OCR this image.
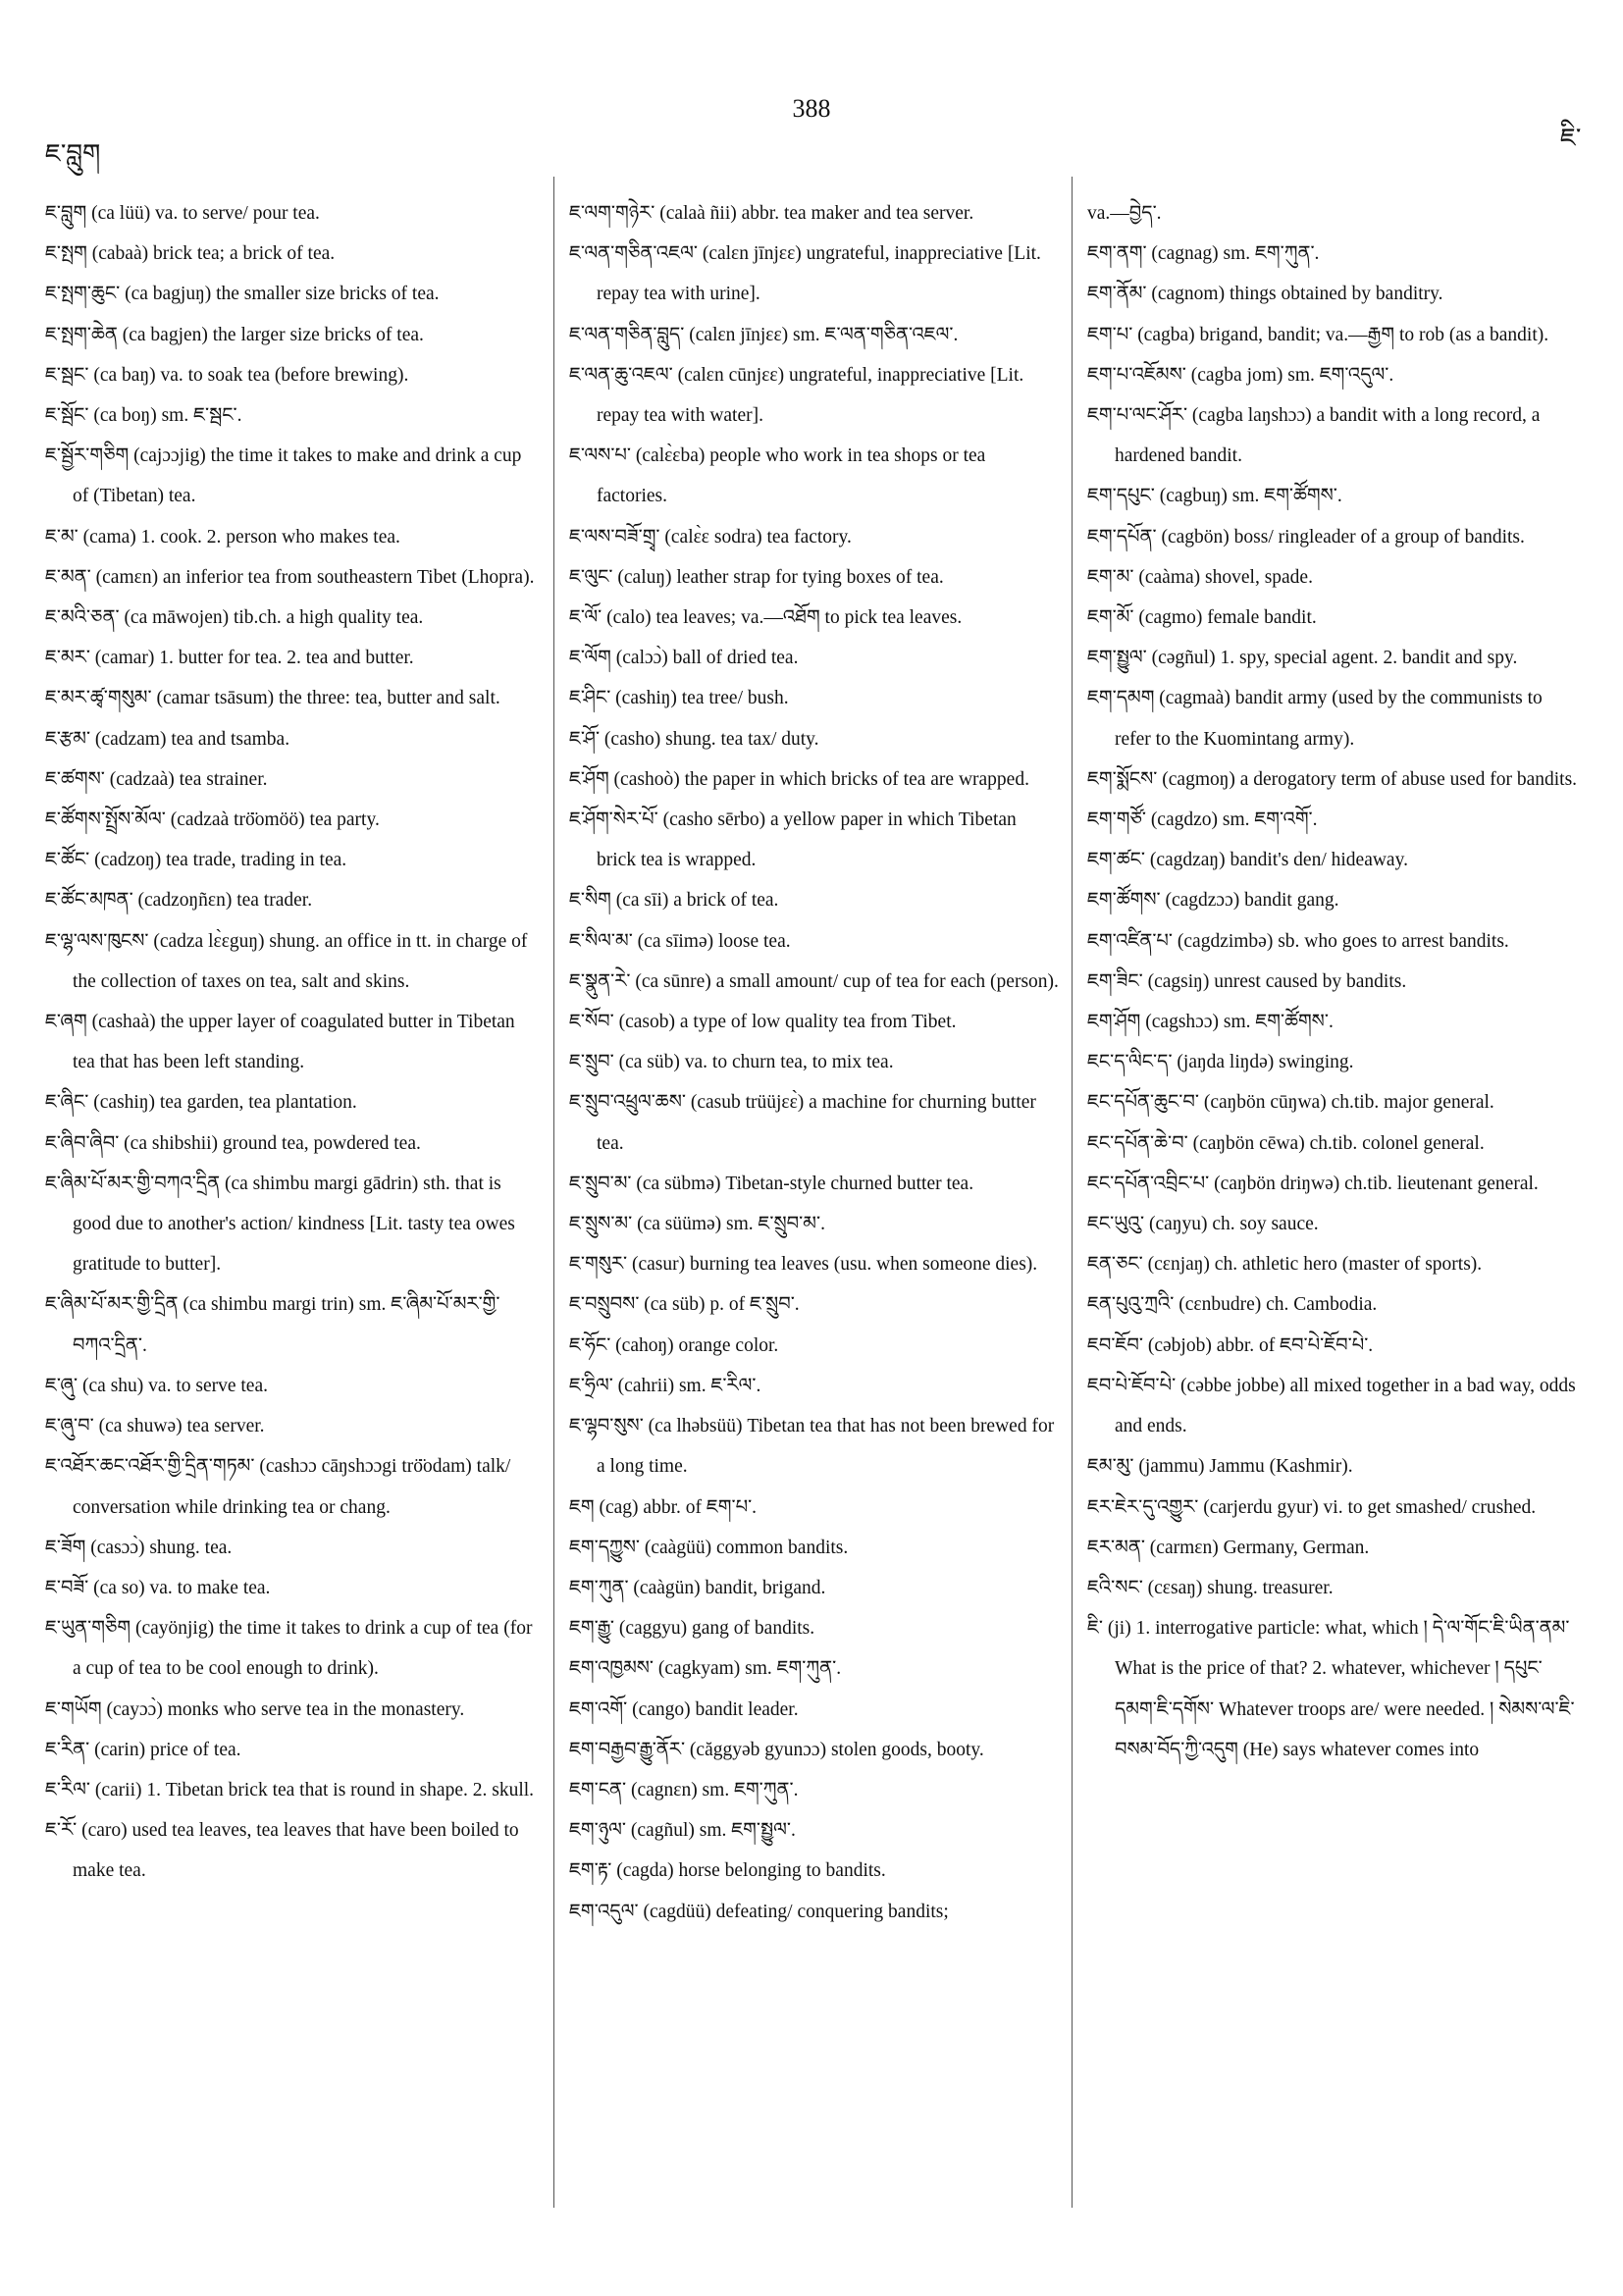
ཇ་བླུག
388
ཇི་

ཇ་བླུག (ca lüü) va. to serve/ pour tea.

ཇ་སྤག (cabaà) brick tea; a brick of tea.

ཇ་སྤག་ཆུང་ (ca bagjuŋ) the smaller size bricks of tea.

ཇ་སྤག་ཆེན (ca bagjen) the larger size bricks of tea.

ཇ་སྦང་ (ca baŋ) va. to soak tea (before brewing).

ཇ་སྦོང་ (ca boŋ) sm. ཇ་སྦང་.

ཇ་སྦྱོར་གཅིག (cajɔɔjig) the time it takes to make and drink a cup of (Tibetan) tea.

ཇ་མ་ (cama) 1. cook. 2. person who makes tea.

ཇ་མན་ (camɛn) an inferior tea from southeastern Tibet (Lhopra).

ཇ་མའི་ཅན་ (ca māwojen) tib.ch. a high quality tea.

ཇ་མར་ (camar) 1. butter for tea. 2. tea and butter.

ཇ་མར་ཚྭ་གསུམ་ (camar tsāsum) the three: tea, butter and salt.

ཇ་རྩམ་ (cadzam) tea and tsamba.

ཇ་ཚགས་ (cadzaà) tea strainer.

ཇ་ཚོགས་སྤྲོས་མོལ་ (cadzaà trö̈omöö) tea party.

ཇ་ཚོང་ (cadzoŋ) tea trade, trading in tea.

ཇ་ཚོང་མཁན་ (cadzoŋñɛn) tea trader.

ཇ་ལྷ་ལས་ཁུངས་ (cadza lɛ̀ɛguŋ) shung. an office in tt. in charge of the collection of taxes on tea, salt and skins.

ཇ་ཞག (cashaà) the upper layer of coagulated butter in Tibetan tea that has been left standing.

ཇ་ཞིང་ (cashiŋ) tea garden, tea plantation.

ཇ་ཞིབ་ཞིབ་ (ca shibshii) ground tea, powdered tea.

ཇ་ཞིམ་པོ་མར་གྱི་བཀའ་དྲིན (ca shimbu margi gādrin) sth. that is good due to another's action/ kindness [Lit. tasty tea owes gratitude to butter].

ཇ་ཞིམ་པོ་མར་གྱི་དྲིན (ca shimbu margi trin) sm. ཇ་ཞིམ་པོ་མར་གྱི་བཀའ་དྲིན་.

ཇ་ཞུ་ (ca shu) va. to serve tea.

ཇ་ཞུ་བ་ (ca shuwə) tea server.

ཇ་འཐོར་ཆང་འཐོར་གྱི་དྲིན་གཏམ་ (cashɔɔ cāŋshɔɔgi trö̈odam) talk/ conversation while drinking tea or chang.

ཇ་ཟོག (casɔɔ̀) shung. tea.

ཇ་བཟོ་ (ca so) va. to make tea.

ཇ་ཡུན་གཅིག (cayönjig) the time it takes to drink a cup of tea (for a cup of tea to be cool enough to drink).

ཇ་གཡོག (cayɔɔ̀) monks who serve tea in the monastery.

ཇ་རིན་ (carin) price of tea.

ཇ་རིལ་ (carii) 1. Tibetan brick tea that is round in shape. 2. skull.

ཇ་རོ་ (caro) used tea leaves, tea leaves that have been boiled to make tea.

ཇ་ལག་གཉེར་ (calaà ñii) abbr. tea maker and tea server.

ཇ་ལན་གཅིན་འཇལ་ (calɛn jīnjɛɛ) ungrateful, inappreciative [Lit. repay tea with urine].

ཇ་ལན་གཅིན་བླུད་ (calɛn jīnjɛɛ) sm. ཇ་ལན་གཅིན་འཇལ་.

ཇ་ལན་ཆུ་འཇལ་ (calɛn cūnjɛɛ) ungrateful, inappreciative [Lit. repay tea with water].

ཇ་ལས་པ་ (calɛ̀ɛba) people who work in tea shops or tea factories.

ཇ་ལས་བཟོ་གྲྭ་ (calɛ̀ɛ sodra) tea factory.

ཇ་ལུང་ (caluŋ) leather strap for tying boxes of tea.

ཇ་ལོ་ (calo) tea leaves; va.—འཐོག to pick tea leaves.

ཇ་ལོག (calɔɔ̀) ball of dried tea.

ཇ་ཤིང་ (cashiŋ) tea tree/ bush.

ཇ་ཤོ་ (casho) shung. tea tax/ duty.

ཇ་ཤོག (cashoò) the paper in which bricks of tea are wrapped.

ཇ་ཤོག་སེར་པོ་ (casho sērbo) a yellow paper in which Tibetan brick tea is wrapped.

ཇ་སིག (ca sīi) a brick of tea.

ཇ་སིལ་མ་ (ca sīimə) loose tea.

ཇ་སྣུན་རེ་ (ca sūnre) a small amount/ cup of tea for each (person).

ཇ་སོབ་ (casob) a type of low quality tea from Tibet.

ཇ་སྲུབ་ (ca süb) va. to churn tea, to mix tea.

ཇ་སྲུབ་འཕྲུལ་ཆས་ (casub trüüjɛɛ̀) a machine for churning butter tea.

ཇ་སྲུབ་མ་ (ca sübmə) Tibetan-style churned butter tea.

ཇ་སྲུས་མ་ (ca süümə) sm. ཇ་སྲུབ་མ་.

ཇ་གསུར་ (casur) burning tea leaves (usu. when someone dies).

ཇ་བསྲུབས་ (ca süb) p. of ཇ་སྲུབ་.

ཇ་ཧོང་ (cahoŋ) orange color.

ཇ་ཧྲིལ་ (cahrii) sm. ཇ་རིལ་.

ཇ་ལྷབ་སུས་ (ca lhəbsüü) Tibetan tea that has not been brewed for a long time.

ཇག (cag) abbr. of ཇག་པ་.

ཇག་དཀྱུས་ (caàgüü) common bandits.

ཇག་ཀུན་ (caàgün) bandit, brigand.

ཇག་རྒྱུ་ (caggyu) gang of bandits.

ཇག་འཁྱམས་ (cagkyam) sm. ཇག་ཀུན་.

ཇག་འགོ་ (cango) bandit leader.

ཇག་བརྒྱབ་རྒྱུ་ནོར་ (căggyəb gyunɔɔ) stolen goods, booty.

ཇག་ངན་ (cagnɛn) sm. ཇག་ཀུན་.

ཇག་ཉུལ་ (cagñul) sm. ཇག་སྤྱུལ་.

ཇག་རྟ་ (cagda) horse belonging to bandits.

ཇག་འདུལ་ (cagdüü) defeating/ conquering bandits;

va.—བྱེད་.

ཇག་ནག་ (cagnag) sm. ཇག་ཀུན་.

ཇག་ནོམ་ (cagnom) things obtained by banditry.

ཇག་པ་ (cagba) brigand, bandit; va.—རྒྱག to rob (as a bandit).

ཇག་པ་འཇོམས་ (cagba jom) sm. ཇག་འདུལ་.

ཇག་པ་ལང་ཤོར་ (cagba laŋshɔɔ) a bandit with a long record, a hardened bandit.

ཇག་དཔུང་ (cagbuŋ) sm. ཇག་ཚོགས་.

ཇག་དཔོན་ (cagbön) boss/ ringleader of a group of bandits.

ཇག་མ་ (caàma) shovel, spade.

ཇག་མོ་ (cagmo) female bandit.

ཇག་སྤྱུལ་ (cəgñul) 1. spy, special agent. 2. bandit and spy.

ཇག་དམག (cagmaà) bandit army (used by the communists to refer to the Kuomintang army).

ཇག་སྨོངས་ (cagmoŋ) a derogatory term of abuse used for bandits.

ཇག་གཙོ་ (cagdzo) sm. ཇག་འགོ་.

ཇག་ཚང་ (cagdzaŋ) bandit's den/ hideaway.

ཇག་ཚོགས་ (cagdzɔɔ) bandit gang.

ཇག་འཛིན་པ་ (cagdzimbə) sb. who goes to arrest bandits.

ཇག་ཟིང་ (cagsiŋ) unrest caused by bandits.

ཇག་ཤོག (cagshɔɔ) sm. ཇག་ཚོགས་.

ཇང་ད་ལིང་ད་ (jaŋda liŋdə) swinging.

ཇང་དཔོན་ཆུང་བ་ (caŋbön cūŋwa) ch.tib. major general.

ཇང་དཔོན་ཆེ་བ་ (caŋbön cēwa) ch.tib. colonel general.

ཇང་དཔོན་འབྲིང་པ་ (caŋbön driŋwə) ch.tib. lieutenant general.

ཇང་ཡུའུ་ (caŋyu) ch. soy sauce.

ཇན་ཅང་ (cɛnjaŋ) ch. athletic hero (master of sports).

ཇན་པུའུ་ཀྲའི་ (cɛnbudre) ch. Cambodia.

ཇབ་ཇོབ་ (cəbjob) abbr. of ཇབ་པེ་ཇོབ་པེ་.

ཇབ་པེ་ཇོབ་པེ་ (cəbbe jobbe) all mixed together in a bad way, odds and ends.

ཇམ་མུ་ (jammu) Jammu (Kashmir).

ཇར་ཇེར་དུ་འགྱུར་ (carjerdu gyur) vi. to get smashed/ crushed.

ཇར་མན་ (carmɛn) Germany, German.

ཇའི་སང་ (cɛsaŋ) shung. treasurer.

ཇི་ (ji) 1. interrogative particle: what, which ། དེ་ལ་གོང་ཇི་ཡིན་ནམ་ What is the price of that? 2. whatever, whichever ། དཔུང་དམག་ཇི་དགོས་ Whatever troops are/ were needed. ། སེམས་ལ་ཇི་བསམ་བོད་ཀྱི་འདུག (He) says whatever comes into
